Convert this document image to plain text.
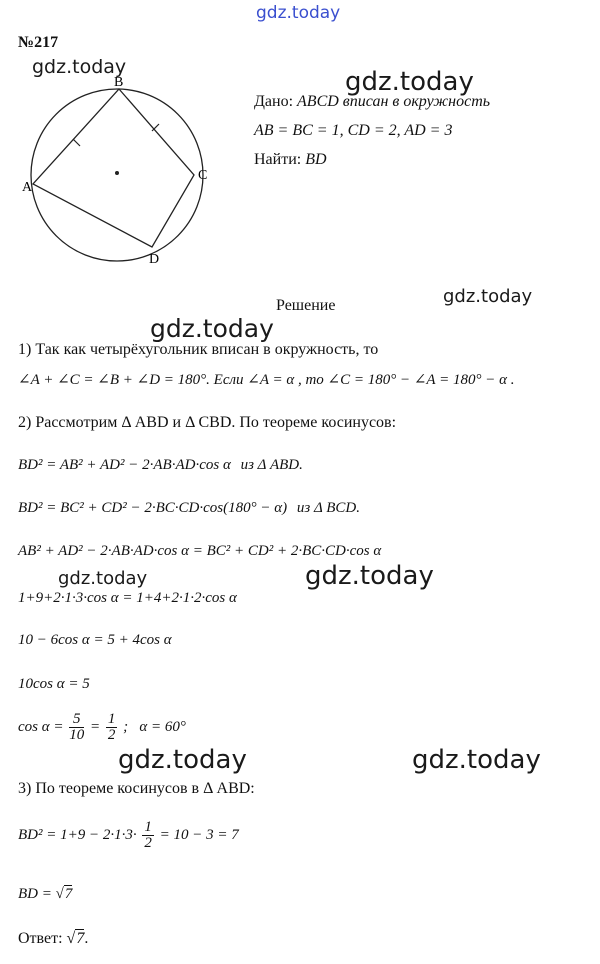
gdz.today
gdz.today	gdz.today
gdz.today
gdz.today
gdz.today	gdz.today
gdz.today	gdz.today
№217
B
A
C
D
Дано: ABCD вписан в окружность
AB = BC = 1, CD = 2, AD = 3
Найти: BD
Решение
1) Так как четырёхугольник вписан в окружность, то
∠A + ∠C = ∠B + ∠D = 180°. Если ∠A = α , то ∠C = 180° − ∠A = 180° − α .
2) Рассмотрим Δ ABD и Δ CBD. По теореме косинусов:
BD² = AB² + AD² − 2·AB·AD·cos α из Δ ABD.
BD² = BC² + CD² − 2·BC·CD·cos(180° − α) из Δ BCD.
AB² + AD² − 2·AB·AD·cos α = BC² + CD² + 2·BC·CD·cos α
1+9+2·1·3·cos α = 1+4+2·1·2·cos α
10 − 6cos α = 5 + 4cos α
10cos α = 5
$\cos \alpha = \frac{5}{10} = \frac{1}{2}$ ;   α = 60°
3) По теореме косинусов в Δ ABD:
$BD^2 = 1+9 - 2\cdot 1\cdot 3\cdot \frac{1}{2} = 10 - 3 = 7$
BD = √7
Ответ: √7.
